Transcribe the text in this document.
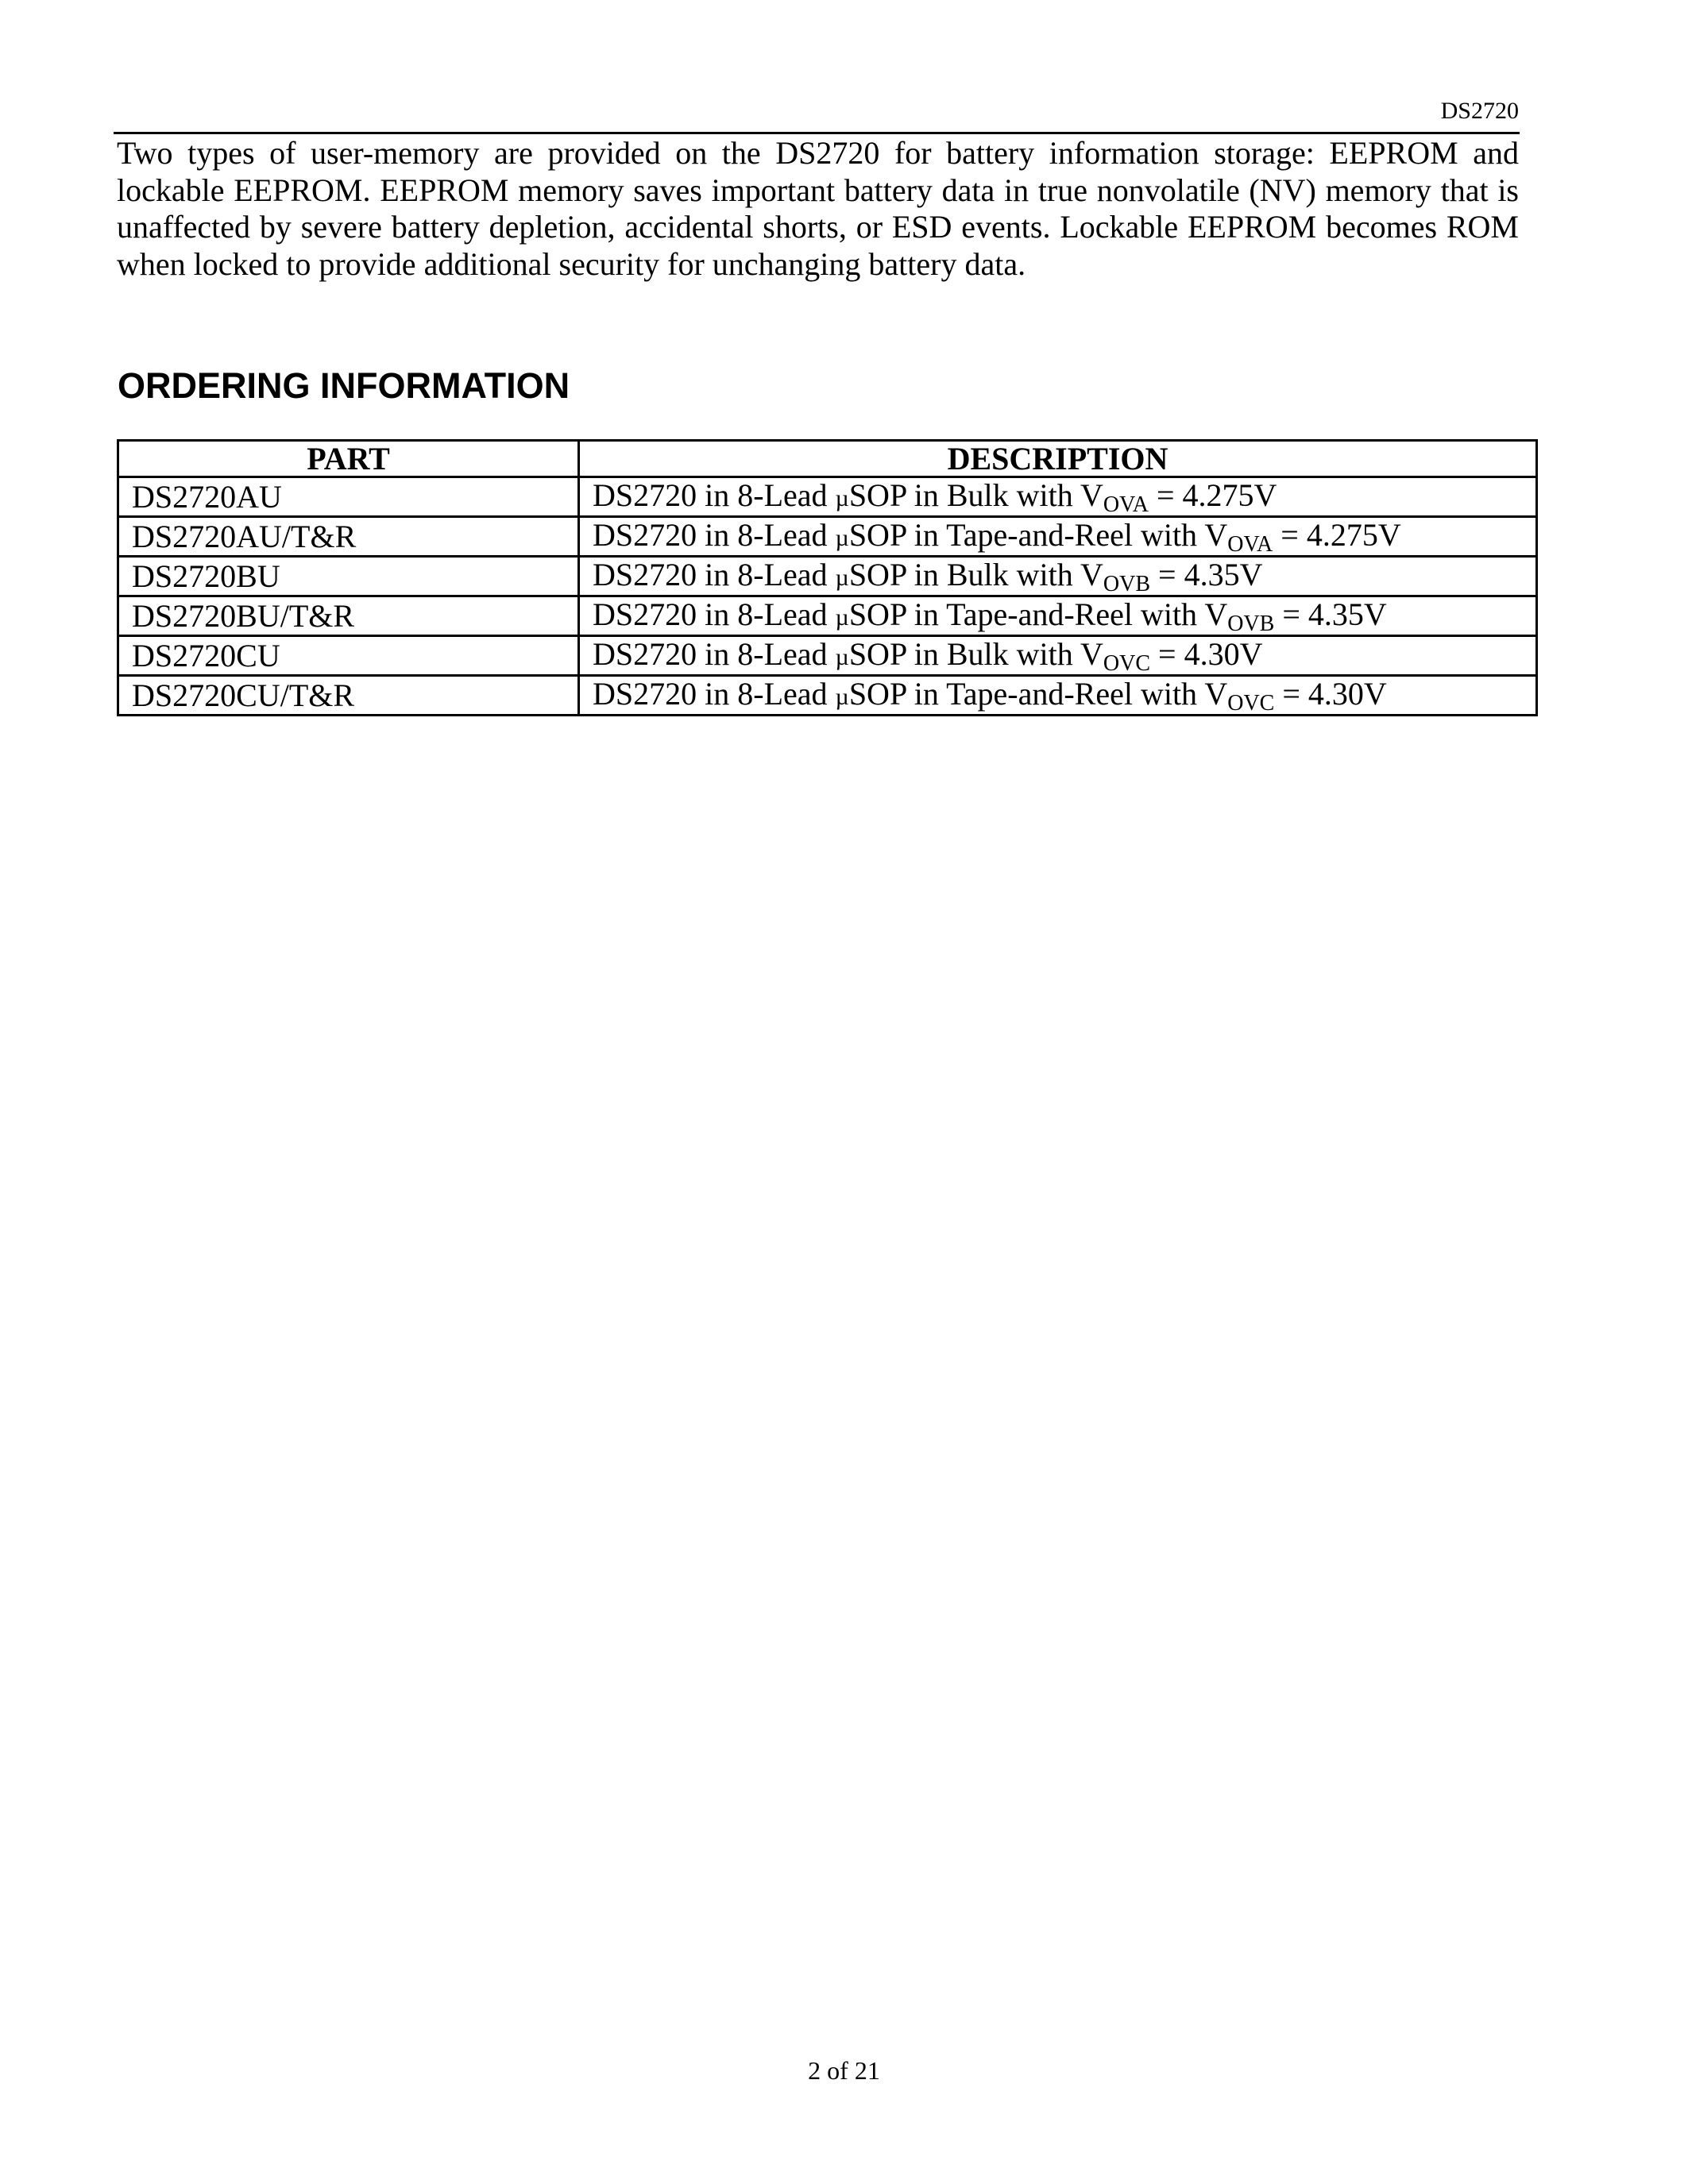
DS2720

Two types of user-memory are provided on the DS2720 for battery information storage: EEPROM and lockable EEPROM. EEPROM memory saves important battery data in true nonvolatile (NV) memory that is unaffected by severe battery depletion, accidental shorts, or ESD events. Lockable EEPROM becomes ROM when locked to provide additional security for unchanging battery data.

ORDERING INFORMATION
PART	DESCRIPTION
DS2720AU	DS2720 in 8-Lead µSOP in Bulk with $V_{OVA} = 4.275V$
DS2720AU/T&R	DS2720 in 8-Lead µSOP in Tape-and-Reel with $V_{OVA} = 4.275V$
DS2720BU	DS2720 in 8-Lead µSOP in Bulk with $V_{OVB} = 4.35V$
DS2720BU/T&R	DS2720 in 8-Lead µSOP in Tape-and-Reel with $V_{OVB} = 4.35V$
DS2720CU	DS2720 in 8-Lead µSOP in Bulk with $V_{OVC} = 4.30V$
DS2720CU/T&R	DS2720 in 8-Lead µSOP in Tape-and-Reel with $V_{OVC} = 4.30V$
2 of 21
